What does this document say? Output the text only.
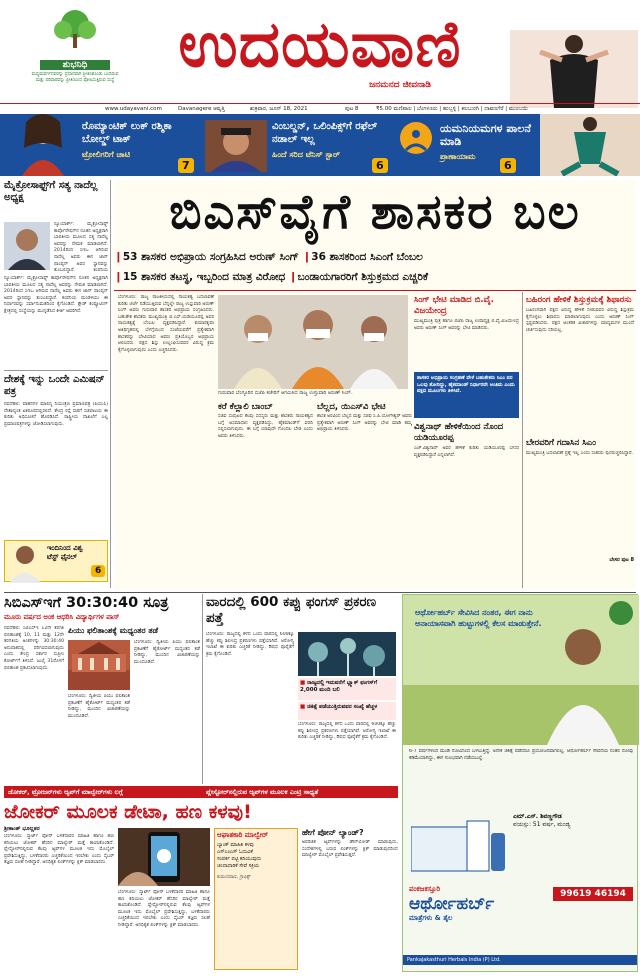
ಶುಭನಿಧಿ
ಮಧ್ಯಮವರ್ಗದವರನ್ನು ಪ್ರಧಾನವಾಗಿ ಪ್ರೀತಿಸಿಕೊಂಡು ಬಂದಿರುವ ಮತ್ತು ಪರಿವಾರವನ್ನು ಪ್ರೀತಿಯಿಂದ ಪೋಷಿಸುತ್ತಿರುವ ಸಂಸ್ಥೆ	ಉದಯವಾಣಿ
ಜನಮನದ ಜೀವನಾಡಿ
www.udayavani.com	Davanagere ಆವೃತ್ತಿ	ಶುಕ್ರವಾರ, ಜೂನ್ 18, 2021	ಪುಟ 8	₹5.00 ಮಣಿಪಾಲ | ಬೆಂಗಳೂರು | ಹುಬ್ಬಳ್ಳಿ | ಕಲಬುರಗಿ | ದಾವಣಗೆರೆ | ಮುಂಬಯಿ
ರೊಮ್ಯಾಂಟಿಕ್ ಲುಕ್ ರಶ್ಮಿಕಾ ಬೋಲ್ಡ್ ಟಾಕ್
ಟ್ರೋಲಿಗರಿಗೆ ಚಾಟಿ
7
ವಿಂಬಲ್ಡನ್, ಒಲಿಂಪಿಕ್ಸ್‌ಗೆ ರಫೆಲ್ ನಡಾಲ್ ಇಲ್ಲ
ಹಿಂದೆ ಸರಿದ ಟೆನಿಸ್ ಸ್ಟಾರ್
6
ಯಮನಿಯಮಗಳ ಪಾಲನೆ ಮಾಡಿ
ಪ್ರಾಣಾಯಾಮ
6
ಮೈಕ್ರೋಸಾಫ್ಟ್‌ಗೆ ಸತ್ಯ ನಾದೆಲ್ಲ ಅಧ್ಯಕ್ಷ
ನ್ಯೂಯಾರ್ಕ್: ಮೈಕ್ರೋಸಾಫ್ಟ್ ಕಾರ್ಪೊರೇಷನ್‌ನ ನೂತನ ಅಧ್ಯಕ್ಷರಾಗಿ ಭಾರತೀಯ ಮೂಲದ ಸತ್ಯ ನಾದೆಲ್ಲ ಅವರನ್ನು ನೇಮಕ ಮಾಡಲಾಗಿದೆ. 2014ರಿಂದ ಸಿಇಒ ಆಗಿರುವ ನಾದೆಲ್ಲ ಅವರು ಈಗ ಜಾನ್ ಥಾಂಪ್ಸನ್ ಅವರ ಸ್ಥಾನವನ್ನು ತುಂಬಲಿದ್ದಾರೆ. ಕಂಪನಿಯ
ನ್ಯೂಯಾರ್ಕ್: ಮೈಕ್ರೋಸಾಫ್ಟ್ ಕಾರ್ಪೊರೇಷನ್‌ನ ನೂತನ ಅಧ್ಯಕ್ಷರಾಗಿ ಭಾರತೀಯ ಮೂಲದ ಸತ್ಯ ನಾದೆಲ್ಲ ಅವರನ್ನು ನೇಮಕ ಮಾಡಲಾಗಿದೆ. 2014ರಿಂದ ಸಿಇಒ ಆಗಿರುವ ನಾದೆಲ್ಲ ಅವರು ಈಗ ಜಾನ್ ಥಾಂಪ್ಸನ್ ಅವರ ಸ್ಥಾನವನ್ನು ತುಂಬಲಿದ್ದಾರೆ. ಕಂಪನಿಯ ಮಂಡಳಿಯು ಈ ನಿರ್ಧಾರವನ್ನು ಸರ್ವಾನುಮತದಿಂದ ಕೈಗೊಂಡಿದೆ. ಕ್ಲೌಡ್ ಕಂಪ್ಯೂಟಿಂಗ್ ಕ್ಷೇತ್ರದಲ್ಲಿ ಸಂಸ್ಥೆಯನ್ನು ಮುನ್ನಡೆಸಿದ ಕೀರ್ತಿ ಅವರಿಗಿದೆ.
ದೇಶಕ್ಕೆ ಇನ್ನು ಒಂದೇ ಎಮಿಷನ್ ಪತ್ರ
ನವದೆಹಲಿ: ವಾಹನಗಳ ಮಾಲಿನ್ಯ ನಿಯಂತ್ರಣ ಪ್ರಮಾಣಪತ್ರ (ಪಿಯುಸಿ) ದೇಶಾದ್ಯಂತ ಏಕರೂಪದಲ್ಲಿರಲಿದೆ. ಕೇಂದ್ರ ರಸ್ತೆ ಸಾರಿಗೆ ಸಚಿವಾಲಯ ಈ ಕುರಿತು ಅಧಿಸೂಚನೆ ಹೊರಡಿಸಿದೆ. ರಾಷ್ಟ್ರೀಯ ದಾಖಲೆಗೆ ಎಲ್ಲ ಪ್ರಮಾಣಪತ್ರಗಳನ್ನು ಜೋಡಿಸಲಾಗುವುದು.
ಇಂದಿನಿಂದ ವಿಶ್ವ ಟೆಸ್ಟ್ ಫೈನಲ್
6
ಬಿಎಸ್‌ವೈಗೆ ಶಾಸಕರ ಬಲ
❙53 ಶಾಸಕರ ಅಭಿಪ್ರಾಯ ಸಂಗ್ರಹಿಸಿದ ಅರುಣ್ ಸಿಂಗ್ ❙36 ಶಾಸಕರಿಂದ ಸಿಎಂಗೆ ಬೆಂಬಲ
❙15 ಶಾಸಕರ ತಟಸ್ಥ, ಇಬ್ಬರಿಂದ ಮಾತ್ರ ವಿರೋಧ ❙ಬಂಡಾಯಗಾರರಿಗೆ ಶಿಸ್ತುಕ್ರಮದ ಎಚ್ಚರಿಕೆ
ಬೆಂಗಳೂರು: ರಾಜ್ಯ ರಾಜಕೀಯದಲ್ಲಿ ನಾಯಕತ್ವ ಬದಲಾವಣೆ ಕುರಿತು ಚರ್ಚೆ ನಡೆಯುತ್ತಿರುವ ಬೆನ್ನಲ್ಲೇ ರಾಜ್ಯ ಉಸ್ತುವಾರಿ ಅರುಣ್ ಸಿಂಗ್ ಅವರು ಗುರುವಾರ ಶಾಸಕರ ಅಭಿಪ್ರಾಯ ಸಂಗ್ರಹಿಸಿದರು. ಬಹುತೇಕ ಶಾಸಕರು ಮುಖ್ಯಮಂತ್ರಿ ಬಿ.ಎಸ್.ಯಡಿಯೂರಪ್ಪ ಅವರ ನಾಯಕತ್ವಕ್ಕೆ ಬೆಂಬಲ ವ್ಯಕ್ತಪಡಿಸಿದ್ದಾರೆ. ಕುಮಾರಕೃಪಾ ಅತಿಥಿಗೃಹದಲ್ಲಿ ಬೆಳಗ್ಗೆಯಿಂದ ಸಂಜೆಯವರೆಗೆ ಪ್ರತ್ಯೇಕವಾಗಿ ಶಾಸಕರನ್ನು ಭೇಟಿಯಾದ ಅವರು ಪ್ರತಿಯೊಬ್ಬರ ಅಭಿಪ್ರಾಯ ಆಲಿಸಿದರು. ಪಕ್ಷದ ಶಿಸ್ತು ಉಲ್ಲಂಘಿಸುವವರ ವಿರುದ್ಧ ಕ್ರಮ ಕೈಗೊಳ್ಳಲಾಗುವುದು ಎಂದು ಎಚ್ಚರಿಸಿದರು.
ಗುರುವಾರ ಬೆಂಗ್ಳೂರಿನ ಬಿಜೆಪಿ ಕಚೇರಿಗೆ ಆಗಮಿಸಿದ ರಾಜ್ಯ ಉಸ್ತುವಾರಿ ಅರುಣ್ ಸಿಂಗ್.
ಕರೆ ಕೆಲ್ಲಾಲಿ ಬಾಂಬ್
ಸಚಿವ ಸಂಪುಟದ ಕೆಲವು ಸದಸ್ಯರು ಮತ್ತು ಶಾಸಕರು ನಾಯಕತ್ವದ ಬಗ್ಗೆ ಅಸಮಾಧಾನ ವ್ಯಕ್ತಪಡಿಸಿದ್ದು, ಹೈಕಮಾಂಡ್‌ಗೆ ವರದಿ ಸಲ್ಲಿಸಲಾಗುವುದು. ಈ ಬಗ್ಗೆ ಯಾವುದೇ ಗೊಂದಲ ಬೇಡ ಎಂದು ಅವರು ತಿಳಿಸಿದರು.
ಬೆಲ್ಲದ, ಯಿಎಸ್‌ವಿ ಭೇಟಿ
ಶಾಸಕ ಅರವಿಂದ ಬೆಲ್ಲದ ಮತ್ತು ಸಚಿವ ಸಿ.ಪಿ.ಯೋಗೇಶ್ವರ್ ಅವರು ಪ್ರತ್ಯೇಕವಾಗಿ ಅರುಣ್ ಸಿಂಗ್ ಅವರನ್ನು ಭೇಟಿ ಮಾಡಿ ತಮ್ಮ ಅಭಿಪ್ರಾಯ ತಿಳಿಸಿದರು.
ಸಿಂಗ್ ಭೇಟಿ ಮಾಡಿದ ಬಿ.ವೈ. ವಿಜಯೇಂದ್ರ
ಮುಖ್ಯಮಂತ್ರಿ ಪುತ್ರ ಹಾಗೂ ಬಿಜೆಪಿ ರಾಜ್ಯ ಉಪಾಧ್ಯಕ್ಷ ಬಿ.ವೈ.ವಿಜಯೇಂದ್ರ ಅವರು ಅರುಣ್ ಸಿಂಗ್ ಅವರನ್ನು ಭೇಟಿ ಮಾಡಿದರು.
ಶಾಸಕರ ಅಭಿಪ್ರಾಯ ಸಂಗ್ರಹಣೆ ವೇಳೆ ಬಹುತೇಕರು ಸಿಎಂ ಪರ ಒಲವು ತೋರಿದ್ದು, ಹೈಕಮಾಂಡ್ ನಿರ್ಧಾರವೇ ಅಂತಿಮ ಎಂದು ಪಕ್ಷದ ಮೂಲಗಳು ತಿಳಿಸಿವೆ.
ವಿಶ್ವನಾಥ್ ಹೇಳಿಕೆಯಿಂದ ನೊಂದ ಯಡಿಯೂರಪ್ಪ
ಎಚ್.ವಿಶ್ವನಾಥ್ ಅವರ ಹೇಳಿಕೆ ಕುರಿತು ಯಡಿಯೂರಪ್ಪ ಬೇಸರ ವ್ಯಕ್ತಪಡಿಸಿದ್ದಾರೆ ಎನ್ನಲಾಗಿದೆ.
ಬಹಿರಂಗ ಹೇಳಿಕೆ ಶಿಸ್ತುಕ್ರಮಕ್ಕೆ ಶಿಫಾರಸು
ಬಹಿರಂಗವಾಗಿ ಪಕ್ಷದ ವಿರುದ್ಧ ಹೇಳಿಕೆ ನೀಡುವವರ ವಿರುದ್ಧ ಶಿಸ್ತುಕ್ರಮ ಕೈಗೊಳ್ಳಲು ಶಿಫಾರಸು ಮಾಡಲಾಗುವುದು ಎಂದು ಅರುಣ್ ಸಿಂಗ್ ಸ್ಪಷ್ಟಪಡಿಸಿದರು. ಪಕ್ಷದ ಆಂತರಿಕ ವಿಚಾರಗಳನ್ನು ಮಾಧ್ಯಮಗಳ ಮುಂದೆ ಚರ್ಚಿಸುವುದು ಸರಿಯಲ್ಲ.
ಬೇರವರಿಗೆ ಗದಾಸಿನ ಸಿಎಂ
ಮುಖ್ಯಮಂತ್ರಿ ಬದಲಾವಣೆ ಪ್ರಶ್ನೆ ಇಲ್ಲ ಎಂದು ಸಚಿವರು ಪುನರುಚ್ಚರಿಸಿದ್ದಾರೆ.
ಬೇಸರ ಪುಟ 8
ಸಿಬಿಎಸ್‌ಇಗೆ 30:30:40 ಸೂತ್ರ
ಮೂರು ವರ್ಷದ ಅಂಕ ಆಧರಿಸಿ ವಿದ್ಯಾರ್ಥಿಗಳ ಪಾಸ್
ನವದೆಹಲಿ: ಸಿಬಿಎಸ್‌ಇ 12ನೇ ತರಗತಿ ಫಲಿತಾಂಶಕ್ಕೆ 10, 11 ಮತ್ತು 12ನೇ ತರಗತಿಯ ಅಂಕಗಳನ್ನು 30:30:40 ಅನುಪಾತದಲ್ಲಿ ಪರಿಗಣಿಸಲಾಗುವುದು ಎಂದು ಕೇಂದ್ರ ಸರ್ಕಾರ ಸುಪ್ರೀಂ ಕೋರ್ಟ್‌ಗೆ ತಿಳಿಸಿದೆ. ಜುಲೈ 31ರೊಳಗೆ ಫಲಿತಾಂಶ ಪ್ರಕಟಿಸಲಾಗುವುದು.
ಪಿಯು ಫಲಿತಾಂಶಕ್ಕೆ ಮಧ್ಯಂತರ ತಡೆ
ಬೆಂಗಳೂರು: ದ್ವಿತೀಯ ಪಿಯು ಫಲಿತಾಂಶ ಪ್ರಕಟಣೆಗೆ ಹೈಕೋರ್ಟ್ ಮಧ್ಯಂತರ ತಡೆ ನೀಡಿದ್ದು, ಮುಂದಿನ ವಿಚಾರಣೆಯನ್ನು ಮುಂದೂಡಿದೆ.
ಬೆಂಗಳೂರು: ದ್ವಿತೀಯ ಪಿಯು ಫಲಿತಾಂಶ ಪ್ರಕಟಣೆಗೆ ಹೈಕೋರ್ಟ್ ಮಧ್ಯಂತರ ತಡೆ ನೀಡಿದ್ದು, ಮುಂದಿನ ವಿಚಾರಣೆಯನ್ನು ಮುಂದೂಡಿದೆ.
ವಾರದಲ್ಲಿ 600 ಕಪ್ಪು ಫಂಗಸ್ ಪ್ರಕರಣ ಪತ್ತೆ
ಬೆಂಗಳೂರು: ರಾಜ್ಯದಲ್ಲಿ ಕಳೆದ ಒಂದು ವಾರದಲ್ಲಿ 600ಕ್ಕೂ ಹೆಚ್ಚು ಕಪ್ಪು ಶಿಲೀಂಧ್ರ ಪ್ರಕರಣಗಳು ಪತ್ತೆಯಾಗಿವೆ. ಆರೋಗ್ಯ ಇಲಾಖೆ ಈ ಕುರಿತು ಎಚ್ಚರಿಕೆ ನೀಡಿದ್ದು, ಔಷಧ ಪೂರೈಕೆಗೆ ಕ್ರಮ ಕೈಗೊಂಡಿದೆ.
■ ರಾಜ್ಯದಲ್ಲಿ ಇದುವರೆಗೆ ಬ್ಲ್ಯಾಕ್ ಫಂಗಸ್‌ಗೆ 2,000 ಮಂದಿ ಬಲಿ
■ ಚಿಕಿತ್ಸೆ ಪಡೆಯುತ್ತಿರುವವರ ಸಂಖ್ಯೆ ಹೆಚ್ಚಳ
ಬೆಂಗಳೂರು: ರಾಜ್ಯದಲ್ಲಿ ಕಳೆದ ಒಂದು ವಾರದಲ್ಲಿ 600ಕ್ಕೂ ಹೆಚ್ಚು ಕಪ್ಪು ಶಿಲೀಂಧ್ರ ಪ್ರಕರಣಗಳು ಪತ್ತೆಯಾಗಿವೆ. ಆರೋಗ್ಯ ಇಲಾಖೆ ಈ ಕುರಿತು ಎಚ್ಚರಿಕೆ ನೀಡಿದ್ದು, ಔಷಧ ಪೂರೈಕೆಗೆ ಕ್ರಮ ಕೈಗೊಂಡಿದೆ.
ಆರ್ಥೋಹರ್ಬ್ ಸೇವಿಸಿದ ನಂತರ, ಈಗ ನಾನು ಅನಾಯಾಸವಾಗಿ ಹುಟ್ಟುಗಳಲ್ಲಿ ಕೆಲಸ ಮಾಡುತ್ತೇನೆ.
6-7 ವರ್ಷಗಳಿಂದ ಮಂಡಿ ನೋವಿನಿಂದ ಬಳಲುತ್ತಿದ್ದೆ. ಅನೇಕ ಚಿಕಿತ್ಸೆ ಪಡೆದರೂ ಪ್ರಯೋಜನವಾಗಲಿಲ್ಲ. ಆರ್ಥೋಹರ್ಬ್ ಸೇವನೆಯ ನಂತರ ನೋವು ಕಡಿಮೆಯಾಗಿದ್ದು, ಈಗ ಸುಲಭವಾಗಿ ನಡೆಯಬಲ್ಲೆ.
ಎಮ್.ಎಸ್. ಶಿವಣ್ಣಗೌಡ
ವಯಸ್ಸು: 51 ವರ್ಷ, ಮಂಡ್ಯ
ಪಂಕಜಕಸ್ತೂರಿ
ಆರ್ಥೋಹರ್ಬ್
ಮಾತ್ರೆಗಳು & ತೈಲ
99619 46194
Pankajakasthuri Herbals India (P) Ltd.
ಜೋಕರ್, ಟ್ರೋಜನ್‌ಗಳು ಆ್ಯಪ್‌ಗೆ ಮಾಲ್ವೇರ್‌ಗಳು ಲಗ್ಗೆ	ಪ್ಲೇಸ್ಟೋರ್‌ನಲ್ಲಿರುವ ಆ್ಯಪ್‌ಗಳ ಮೂಲಕ ಎಂಟ್ರಿ ಸಾಧ್ಯತೆ
ಜೋಕರ್ ಮೂಲಕ ಡೇಟಾ, ಹಣ ಕಳವು!
ಶ್ರೀಕಾಂತ್ ಭೂಲ್ಲತರ
ಬೆಂಗಳೂರು: ಸ್ಮಾರ್ಟ್ ಫೋನ್ ಬಳಕೆದಾರರ ಮಾಹಿತಿ ಹಾಗೂ ಹಣ ಕದಿಯಲು ಜೋಕರ್ ಹೆಸರಿನ ಮಾಲ್ವೇರ್ ಮತ್ತೆ ಕಾಣಿಸಿಕೊಂಡಿದೆ. ಪ್ಲೇಸ್ಟೋರ್‌ನಲ್ಲಿರುವ ಕೆಲವು ಆ್ಯಪ್‌ಗಳ ಮೂಲಕ ಇದು ಮೊಬೈಲ್ ಪ್ರವೇಶಿಸುತ್ತಿದ್ದು, ಬಳಕೆದಾರರು ಎಚ್ಚರಿಕೆಯಿಂದ ಇರಬೇಕು ಎಂದು ಸೈಬರ್ ತಜ್ಞರು ಸಲಹೆ ನೀಡಿದ್ದಾರೆ. ಅನಧಿಕೃತ ಲಿಂಕ್‌ಗಳನ್ನು ಕ್ಲಿಕ್ ಮಾಡಬಾರದು.
ಬೆಂಗಳೂರು: ಸ್ಮಾರ್ಟ್ ಫೋನ್ ಬಳಕೆದಾರರ ಮಾಹಿತಿ ಹಾಗೂ ಹಣ ಕದಿಯಲು ಜೋಕರ್ ಹೆಸರಿನ ಮಾಲ್ವೇರ್ ಮತ್ತೆ ಕಾಣಿಸಿಕೊಂಡಿದೆ. ಪ್ಲೇಸ್ಟೋರ್‌ನಲ್ಲಿರುವ ಕೆಲವು ಆ್ಯಪ್‌ಗಳ ಮೂಲಕ ಇದು ಮೊಬೈಲ್ ಪ್ರವೇಶಿಸುತ್ತಿದ್ದು, ಬಳಕೆದಾರರು ಎಚ್ಚರಿಕೆಯಿಂದ ಇರಬೇಕು ಎಂದು ಸೈಬರ್ ತಜ್ಞರು ಸಲಹೆ ನೀಡಿದ್ದಾರೆ. ಅನಧಿಕೃತ ಲಿಂಕ್‌ಗಳನ್ನು ಕ್ಲಿಕ್ ಮಾಡಬಾರದು.
ಆಘಾತಕಾರಿ ಮಾಲ್ವೇರ್
ಬ್ಯಾಂಕ್ ಮಾಹಿತಿ ಕಳವು
ಎಸ್‌ಎಂಎಸ್ ಓದುವಿಕೆ
ಸಂಪರ್ಕ ಪಟ್ಟಿ ಕದಿಯುವುದು
ಚಂದಾದಾರಿಕೆ ಸೇವೆ ಸಕ್ರಿಯ
ಕುಮುದವಾಣಿ, ಗ್ರಾಫಿಕ್ಸ್
ಹೇಗೆ ಪೋನ್ ಲ್ಯಾಂಡ್?
ಅಪರಿಚಿತ ಆ್ಯಪ್‌ಗಳನ್ನು ಡೌನ್‌ಲೋಡ್ ಮಾಡುವುದು, ಸಂದೇಶಗಳಲ್ಲಿ ಬರುವ ಲಿಂಕ್‌ಗಳನ್ನು ಕ್ಲಿಕ್ ಮಾಡುವುದರಿಂದ ಮಾಲ್ವೇರ್ ಮೊಬೈಲ್ ಪ್ರವೇಶಿಸುತ್ತದೆ.
